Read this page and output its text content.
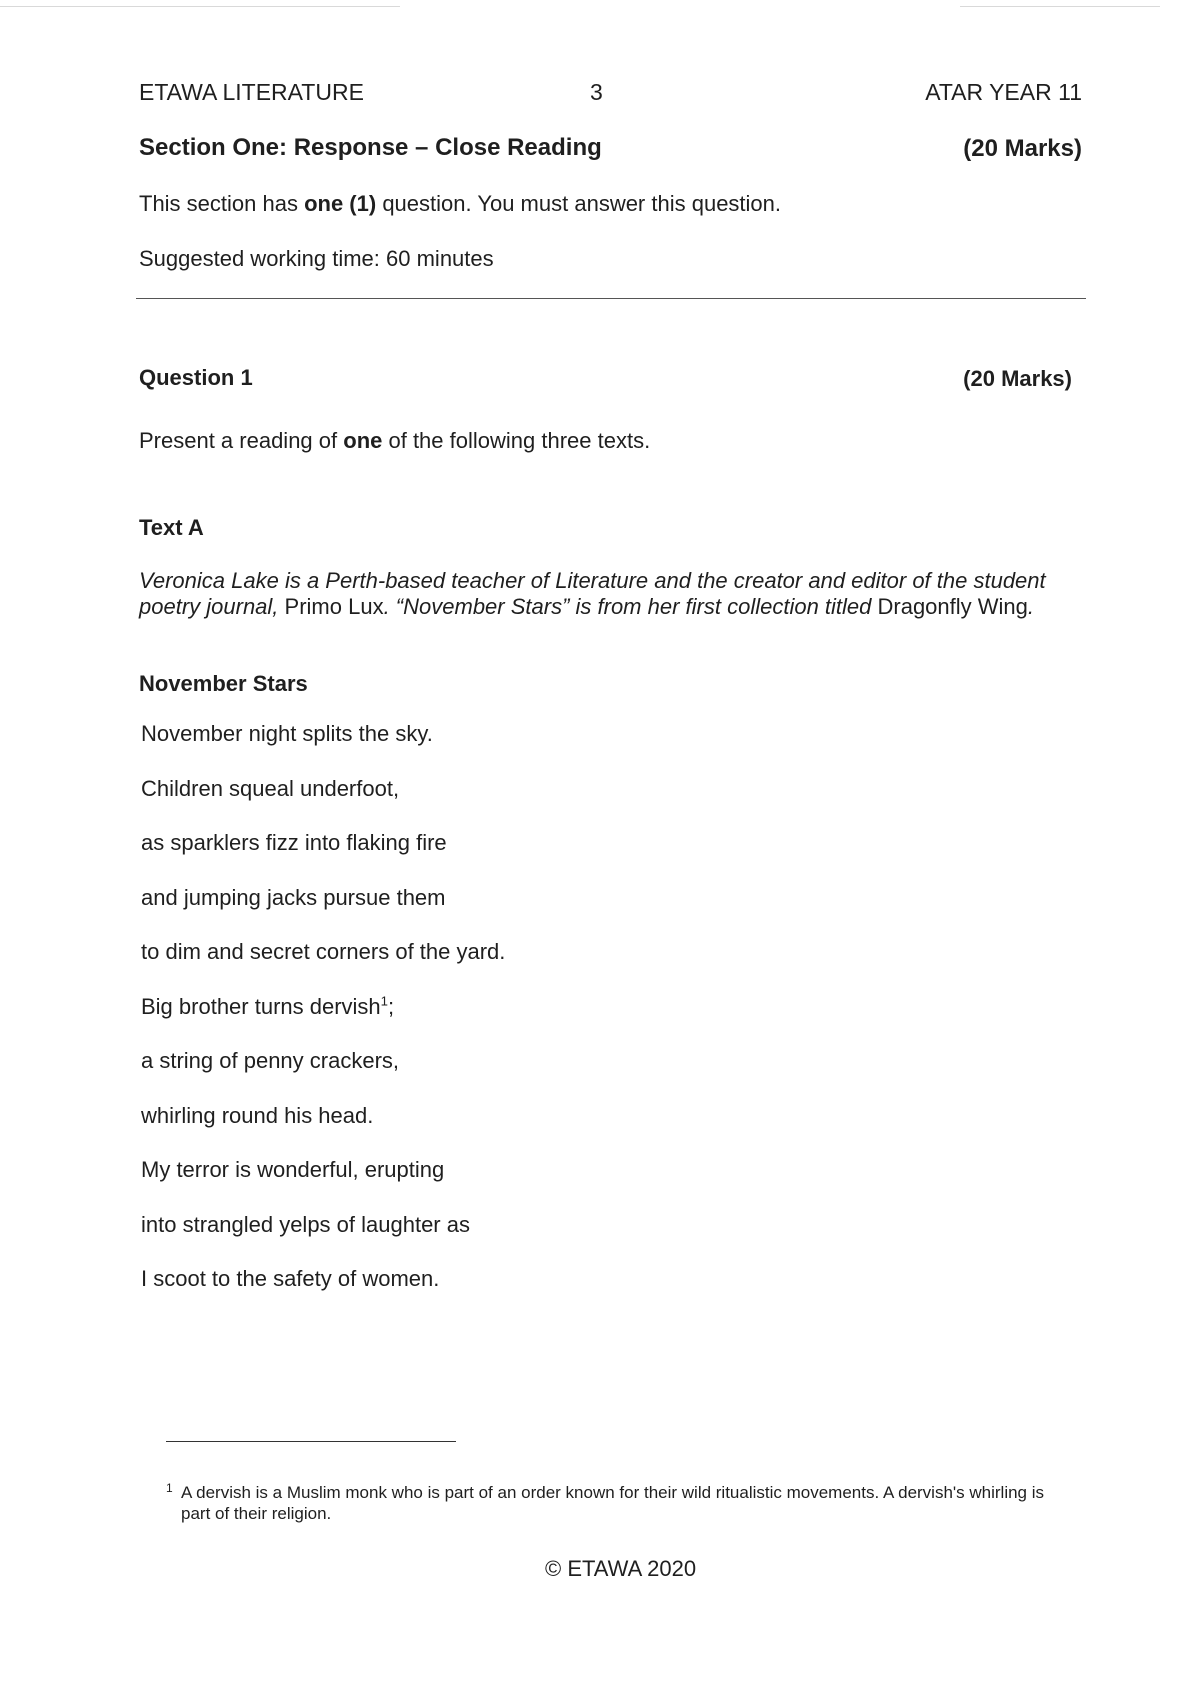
ETAWA LITERATURE	3	ATAR YEAR 11
Section One: Response – Close Reading	(20 Marks)
This section has one (1) question. You must answer this question.
Suggested working time: 60 minutes
Question 1	(20 Marks)
Present a reading of one of the following three texts.
Text A
Veronica Lake is a Perth-based teacher of Literature and the creator and editor of the student poetry journal, Primo Lux. “November Stars” is from her first collection titled Dragonfly Wing.
November Stars
November night splits the sky.
Children squeal underfoot,
as sparklers fizz into flaking fire
and jumping jacks pursue them
to dim and secret corners of the yard.
Big brother turns dervish$^1$;
a string of penny crackers,
whirling round his head.
My terror is wonderful, erupting
into strangled yelps of laughter as
I scoot to the safety of women.
1 A dervish is a Muslim monk who is part of an order known for their wild ritualistic movements. A dervish's whirling is part of their religion.
© ETAWA 2020
